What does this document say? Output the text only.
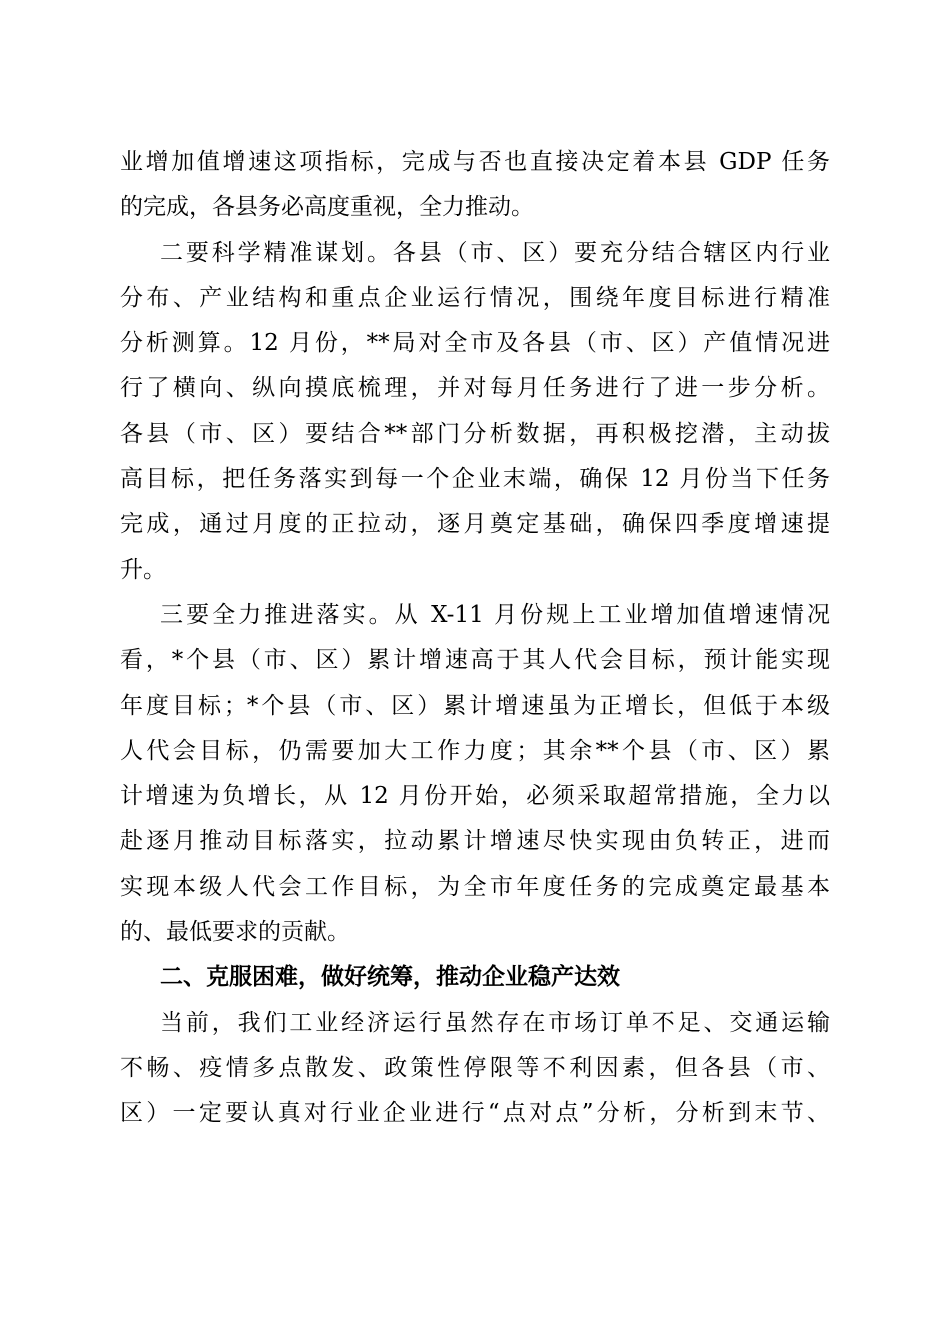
业增加值增速这项指标，完成与否也直接决定着本县 GDP 任务
的完成，各县务必高度重视，全力推动。
二要科学精准谋划。各县（市、区）要充分结合辖区内行业
分布、产业结构和重点企业运行情况，围绕年度目标进行精准
分析测算。12 月份，**局对全市及各县（市、区）产值情况进
行了横向、纵向摸底梳理，并对每月任务进行了进一步分析。
各县（市、区）要结合**部门分析数据，再积极挖潜，主动拔
高目标，把任务落实到每一个企业末端，确保 12 月份当下任务
完成，通过月度的正拉动，逐月奠定基础，确保四季度增速提
升。
三要全力推进落实。从 X-11 月份规上工业增加值增速情况
看，*个县（市、区）累计增速高于其人代会目标，预计能实现
年度目标；*个县（市、区）累计增速虽为正增长，但低于本级
人代会目标，仍需要加大工作力度；其余**个县（市、区）累
计增速为负增长，从 12 月份开始，必须采取超常措施，全力以
赴逐月推动目标落实，拉动累计增速尽快实现由负转正，进而
实现本级人代会工作目标，为全市年度任务的完成奠定最基本
的、最低要求的贡献。
二、克服困难，做好统筹，推动企业稳产达效
当前，我们工业经济运行虽然存在市场订单不足、交通运输
不畅、疫情多点散发、政策性停限等不利因素，但各县（市、
区）一定要认真对行业企业进行“点对点”分析，分析到末节、
